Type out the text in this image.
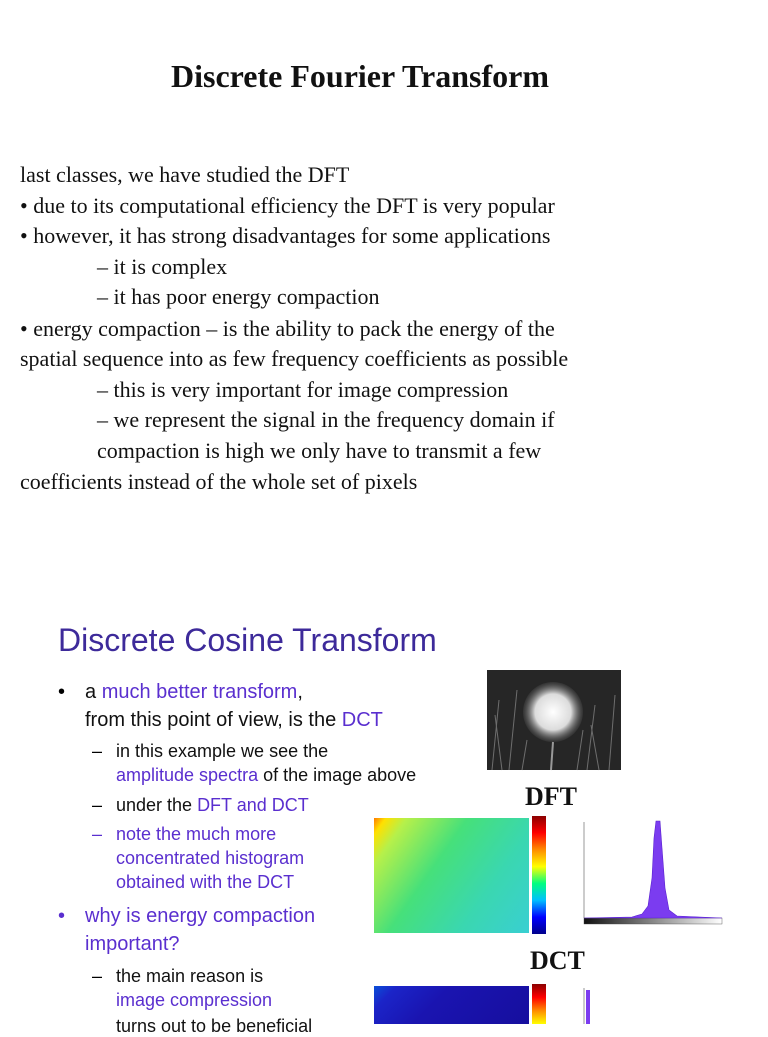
Discrete Fourier Transform
last classes, we have studied the DFT
• due to its computational efficiency the DFT is very popular
• however, it has strong disadvantages for some applications
– it is complex
– it has poor energy compaction
• energy compaction – is the ability to pack the energy of the
spatial sequence into as few frequency coefficients as possible
– this is very important for image compression
– we represent the signal in the frequency domain if
compaction is high we only have to transmit a few
coefficients instead of the whole set of pixels
Discrete Cosine Transform
• a much better transform,
from this point of view, is the DCT
– in this example we see the
amplitude spectra of the image above
– under the DFT and DCT
– note the much more
concentrated histogram
obtained with the DCT
• why is energy compaction
important?
– the main reason is
image compression
turns out to be beneficial
DFT
DCT
